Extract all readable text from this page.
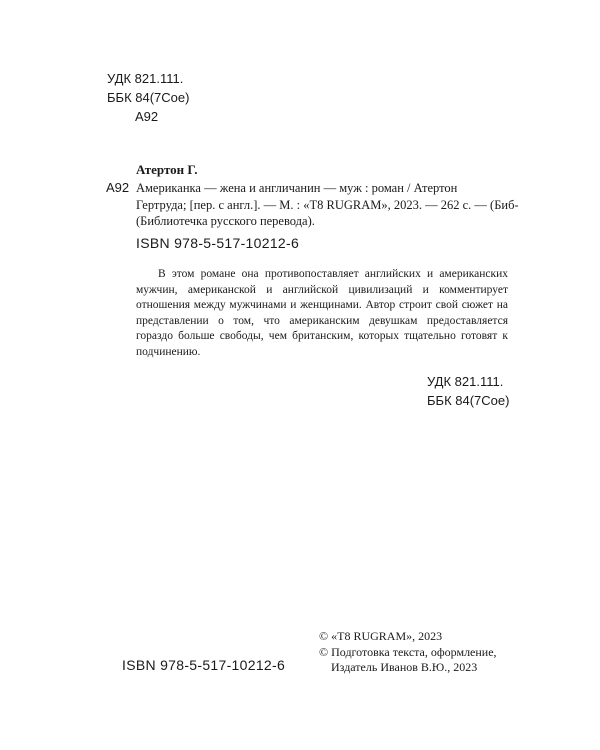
УДК 821.111.
ББК 84(7Сое)
А92
Атертон Г.
А92 Американка — жена и англичанин — муж : роман / Атертон
Гертруда; [пер. с англ.]. — М. : «Т8 RUGRAM», 2023. — 262 с. — (Биб-
(Библиотечка русского перевода).
ISBN 978-5-517-10212-6

В этом романе она противопоставляет английских и американских мужчин, американской и английской цивилизаций и комментирует отношения между мужчинами и женщинами. Автор строит свой сюжет на представлении о том, что американским девушкам предоставляется гораздо больше свободы, чем британским, которых тщательно готовят к подчинению.

УДК 821.111.
ББК 84(7Сое)
© «Т8 RUGRAM», 2023
© Подготовка текста, оформление,
Издатель Иванов В.Ю., 2023
ISBN 978-5-517-10212-6
